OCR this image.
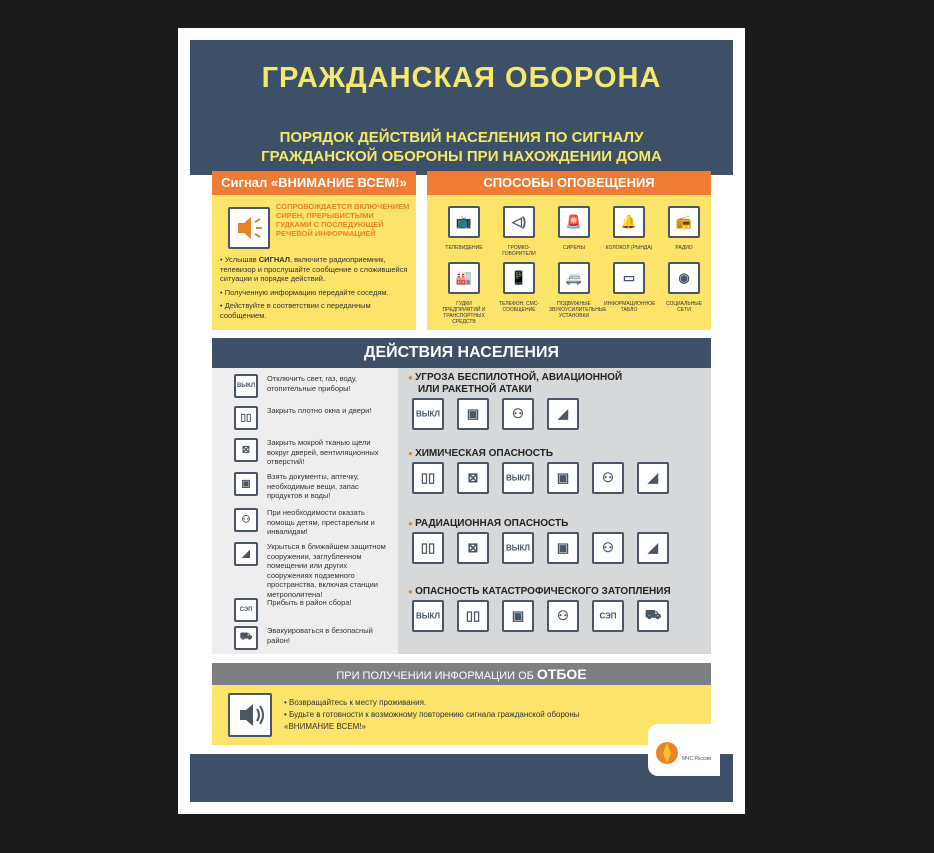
ГРАЖДАНСКАЯ ОБОРОНА
ПОРЯДОК ДЕЙСТВИЙ НАСЕЛЕНИЯ ПО СИГНАЛУ
ГРАЖДАНСКОЙ ОБОРОНЫ ПРИ НАХОЖДЕНИИ ДОМА
Сигнал «ВНИМАНИЕ ВСЕМ!»
СОПРОВОЖДАЕТСЯ ВКЛЮЧЕНИЕМ СИРЕН, ПРЕРЫВИСТЫМИ ГУДКАМИ С ПОСЛЕДУЮЩЕЙ РЕЧЕВОЙ ИНФОРМАЦИЕЙ
• Услышав СИГНАЛ, включите радиоприемник, телевизор и прослушайте сообщение о сложившейся ситуации и порядке действий.
• Полученную информацию передайте соседям.
• Действуйте в соответствии с переданным сообщением.
СПОСОБЫ ОПОВЕЩЕНИЯ
📺
ТЕЛЕВИДЕНИЕ
◁)
ГРОМКО-ГОВОРИТЕЛИ
🚨
СИРЕНЫ
🔔
КОЛОКОЛ (РЫНДА)
📻
РАДИО
🏭
ГУДКИ ПРЕДПРИЯТИЙ И ТРАНСПОРТНЫХ СРЕДСТВ
📱
ТЕЛЕФОН, СМС-СООБЩЕНИЕ
🚐
ПОДВИЖНЫЕ ЗВУКОУСИЛИТЕЛЬНЫЕ УСТАНОВКИ
▭
ИНФОРМАЦИОННОЕ ТАБЛО
◉
СОЦИАЛЬНЫЕ СЕТИ
ДЕЙСТВИЯ НАСЕЛЕНИЯ
ВЫКЛ
Отключить свет, газ, воду, отопительные приборы!
▯▯
Закрыть плотно окна и двери!
⊠
Закрыть мокрой тканью щели вокруг дверей, вентиляционных отверстий!
▣
Взять документы, аптечку, необходимые вещи, запас продуктов и воды!
⚇
При необходимости оказать помощь детям, престарелым и инвалидам!
◢
Укрыться в ближайшем защитном сооружении, заглубленном помещении или других сооружениях подземного пространства, включая станции метрополитена!
СЭП
Прибыть в район сбора!
⛟
Эвакуироваться в безопасный район!
● УГРОЗА БЕСПИЛОТНОЙ, АВИАЦИОННОЙ
ИЛИ РАКЕТНОЙ АТАКИ
ВЫКЛ	▣	⚇	◢
● ХИМИЧЕСКАЯ ОПАСНОСТЬ
▯▯	⊠	ВЫКЛ	▣	⚇	◢
● РАДИАЦИОННАЯ ОПАСНОСТЬ
▯▯	⊠	ВЫКЛ	▣	⚇	◢
● ОПАСНОСТЬ КАТАСТРОФИЧЕСКОГО ЗАТОПЛЕНИЯ
ВЫКЛ	▯▯	▣	⚇	СЭП	⛟
ПРИ ПОЛУЧЕНИИ ИНФОРМАЦИИ ОБ ОТБОЕ
• Возвращайтесь к месту проживания.
• Будьте в готовности к возможному повторению сигнала гражданской обороны «ВНИМАНИЕ ВСЕМ!»
МЧС России
